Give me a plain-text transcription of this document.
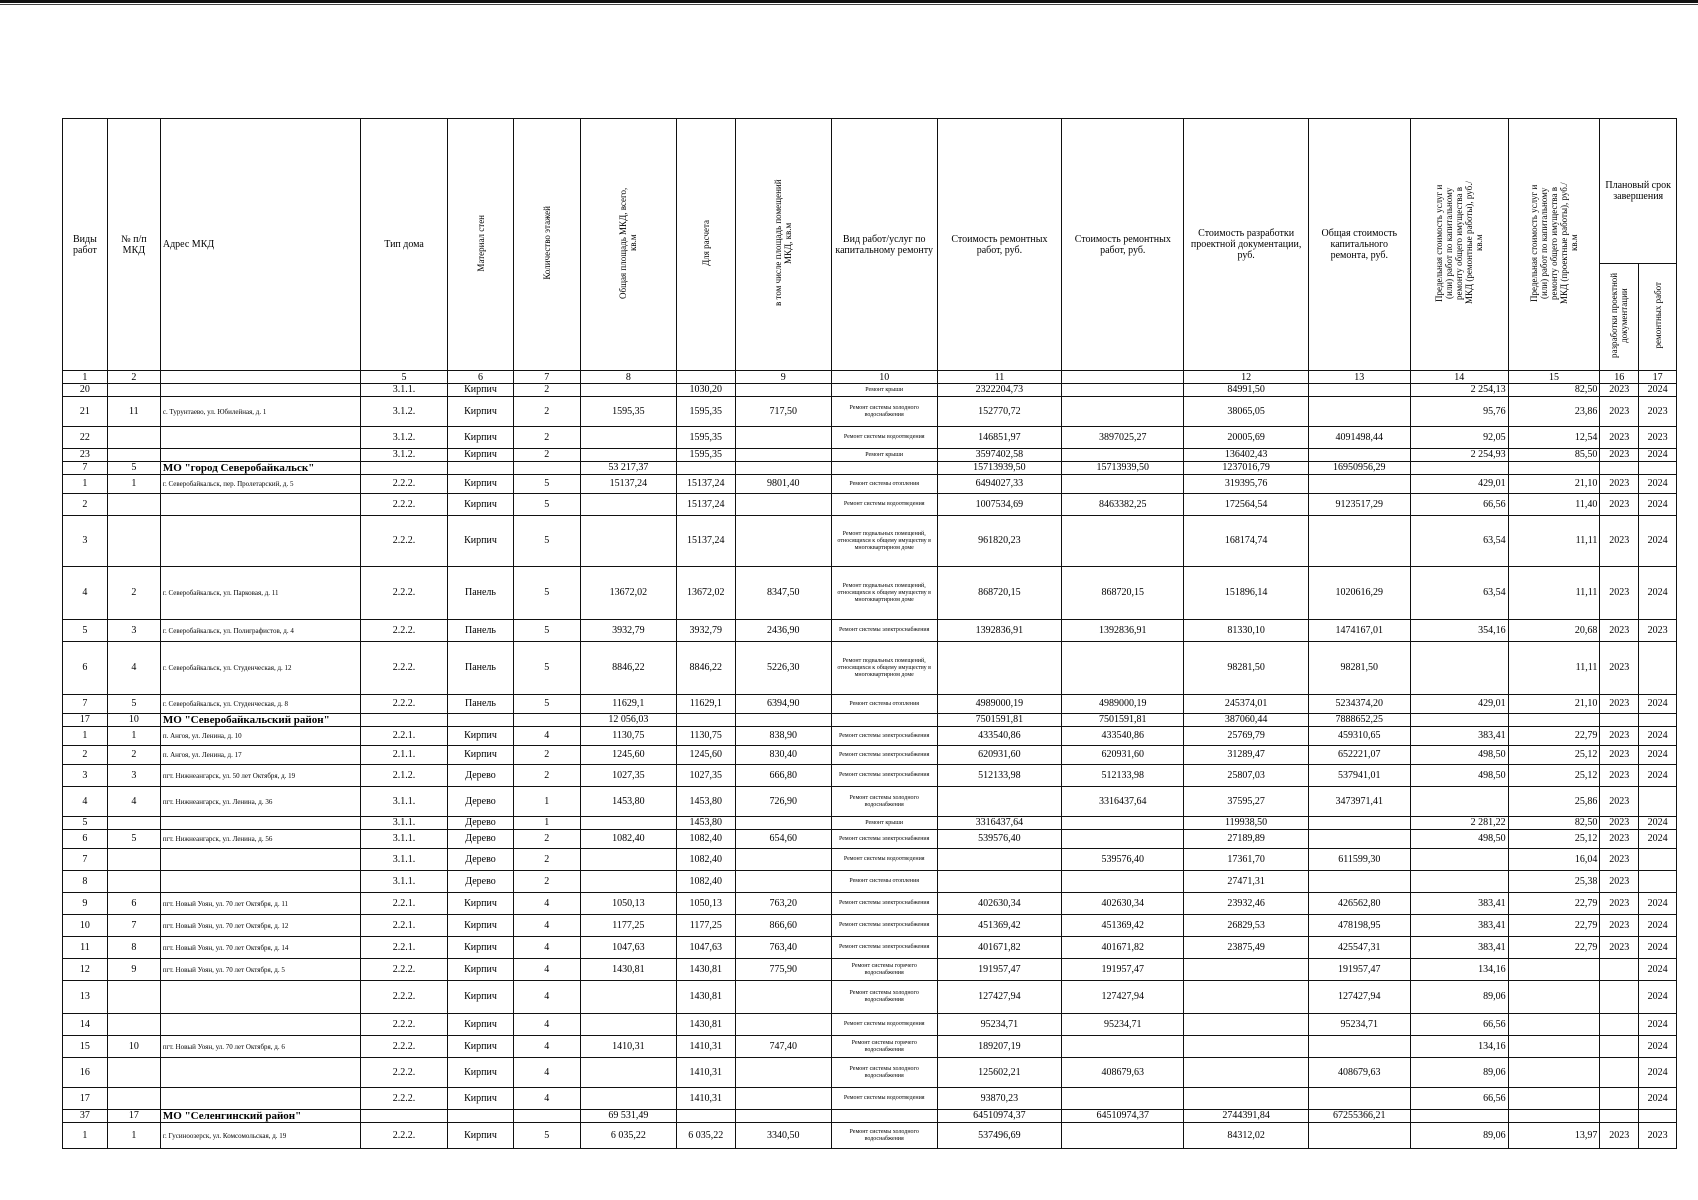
Виды работ	№ п/п МКД	Адрес МКД	Тип дома	Материал стен	Количество этажей	Общая площадь МКД, всего, кв.м	Для расчета	в том числе площадь помещений МКД, кв.м	Вид работ/услуг по капитальному ремонту	Стоимость ремонтных работ, руб.	Стоимость ремонтных работ, руб.	Стоимость разработки проектной документации, руб.	Общая стоимость капитального ремонта, руб.	Предельная стоимость услуг и (или) работ по капитальному ремонту общего имущества в МКД (ремонтные работы), руб./кв.м	Предельная стоимость услуг и (или) работ по капитальному ремонту общего имущества в МКД (проектные работы), руб./кв.м	Плановый срок завершения	
																разработки проектной документации	ремонтных работ
1	2		5	6	7	8		9	10	11		12	13	14	15	16	17
20			3.1.1.	Кирпич	2		1030,20		Ремонт крыши	2322204,73		84991,50		2 254,13	82,50	2023	2024
21	11	с. Турунтаево, ул. Юбилейная, д. 1	3.1.2.	Кирпич	2	1595,35	1595,35	717,50	Ремонт системы холодного водоснабжения	152770,72		38065,05		95,76	23,86	2023	2023
22			3.1.2.	Кирпич	2		1595,35		Ремонт системы водоотведения	146851,97	3897025,27	20005,69	4091498,44	92,05	12,54	2023	2023
23			3.1.2.	Кирпич	2		1595,35		Ремонт крыши	3597402,58		136402,43		2 254,93	85,50	2023	2024
7	5	МО "город Северобайкальск"				53 217,37				15713939,50	15713939,50	1237016,79	16950956,29				
1	1	г. Северобайкальск, пер. Пролетарский, д. 5	2.2.2.	Кирпич	5	15137,24	15137,24	9801,40	Ремонт системы отопления	6494027,33		319395,76		429,01	21,10	2023	2024
2			2.2.2.	Кирпич	5		15137,24		Ремонт системы водоотведения	1007534,69	8463382,25	172564,54	9123517,29	66,56	11,40	2023	2024
3			2.2.2.	Кирпич	5		15137,24		Ремонт подвальных помещений, относящихся к общему имуществу в многоквартирном доме	961820,23		168174,74		63,54	11,11	2023	2024
4	2	г. Северобайкальск, ул. Парковая, д. 11	2.2.2.	Панель	5	13672,02	13672,02	8347,50	Ремонт подвальных помещений, относящихся к общему имуществу в многоквартирном доме	868720,15	868720,15	151896,14	1020616,29	63,54	11,11	2023	2024
5	3	г. Северобайкальск, ул. Полиграфистов, д. 4	2.2.2.	Панель	5	3932,79	3932,79	2436,90	Ремонт системы электроснабжения	1392836,91	1392836,91	81330,10	1474167,01	354,16	20,68	2023	2023
6	4	г. Северобайкальск, ул. Студенческая, д. 12	2.2.2.	Панель	5	8846,22	8846,22	5226,30	Ремонт подвальных помещений, относящихся к общему имуществу в многоквартирном доме			98281,50	98281,50		11,11	2023	
7	5	г. Северобайкальск, ул. Студенческая, д. 8	2.2.2.	Панель	5	11629,1	11629,1	6394,90	Ремонт системы отопления	4989000,19	4989000,19	245374,01	5234374,20	429,01	21,10	2023	2024
17	10	МО "Северобайкальский район"				12 056,03				7501591,81	7501591,81	387060,44	7888652,25				
1	1	п. Ангоя, ул. Ленина, д. 10	2.2.1.	Кирпич	4	1130,75	1130,75	838,90	Ремонт системы электроснабжения	433540,86	433540,86	25769,79	459310,65	383,41	22,79	2023	2024
2	2	п. Ангоя, ул. Ленина, д. 17	2.1.1.	Кирпич	2	1245,60	1245,60	830,40	Ремонт системы электроснабжения	620931,60	620931,60	31289,47	652221,07	498,50	25,12	2023	2024
3	3	пгт. Нижнеангарск, ул. 50 лет Октября, д. 19	2.1.2.	Дерево	2	1027,35	1027,35	666,80	Ремонт системы электроснабжения	512133,98	512133,98	25807,03	537941,01	498,50	25,12	2023	2024
4	4	пгт. Нижнеангарск, ул. Ленина, д. 36	3.1.1.	Дерево	1	1453,80	1453,80	726,90	Ремонт системы холодного водоснабжения		3316437,64	37595,27	3473971,41		25,86	2023	
5			3.1.1.	Дерево	1		1453,80		Ремонт крыши	3316437,64		119938,50		2 281,22	82,50	2023	2024
6	5	пгт. Нижнеангарск, ул. Ленина, д. 56	3.1.1.	Дерево	2	1082,40	1082,40	654,60	Ремонт системы электроснабжения	539576,40		27189,89		498,50	25,12	2023	2024
7			3.1.1.	Дерево	2		1082,40		Ремонт системы водоотведения		539576,40	17361,70	611599,30		16,04	2023	
8			3.1.1.	Дерево	2		1082,40		Ремонт системы отопления			27471,31			25,38	2023	
9	6	пгт. Новый Уоян, ул. 70 лет Октября, д. 11	2.2.1.	Кирпич	4	1050,13	1050,13	763,20	Ремонт системы электроснабжения	402630,34	402630,34	23932,46	426562,80	383,41	22,79	2023	2024
10	7	пгт. Новый Уоян, ул. 70 лет Октября, д. 12	2.2.1.	Кирпич	4	1177,25	1177,25	866,60	Ремонт системы электроснабжения	451369,42	451369,42	26829,53	478198,95	383,41	22,79	2023	2024
11	8	пгт. Новый Уоян, ул. 70 лет Октября, д. 14	2.2.1.	Кирпич	4	1047,63	1047,63	763,40	Ремонт системы электроснабжения	401671,82	401671,82	23875,49	425547,31	383,41	22,79	2023	2024
12	9	пгт. Новый Уоян, ул. 70 лет Октября, д. 5	2.2.2.	Кирпич	4	1430,81	1430,81	775,90	Ремонт системы горячего водоснабжения	191957,47	191957,47		191957,47	134,16			2024
13			2.2.2.	Кирпич	4		1430,81		Ремонт системы холодного водоснабжения	127427,94	127427,94		127427,94	89,06			2024
14			2.2.2.	Кирпич	4		1430,81		Ремонт системы водоотведения	95234,71	95234,71		95234,71	66,56			2024
15	10	пгт. Новый Уоян, ул. 70 лет Октября, д. 6	2.2.2.	Кирпич	4	1410,31	1410,31	747,40	Ремонт системы горячего водоснабжения	189207,19				134,16			2024
16			2.2.2.	Кирпич	4		1410,31		Ремонт системы холодного водоснабжения	125602,21	408679,63		408679,63	89,06			2024
17			2.2.2.	Кирпич	4		1410,31		Ремонт системы водоотведения	93870,23				66,56			2024
37	17	МО "Селенгинский район"				69 531,49				64510974,37	64510974,37	2744391,84	67255366,21				
1	1	г. Гусиноозерск, ул. Комсомольская, д. 19	2.2.2.	Кирпич	5	6 035,22	6 035,22	3340,50	Ремонт системы холодного водоснабжения	537496,69		84312,02		89,06	13,97	2023	2023
